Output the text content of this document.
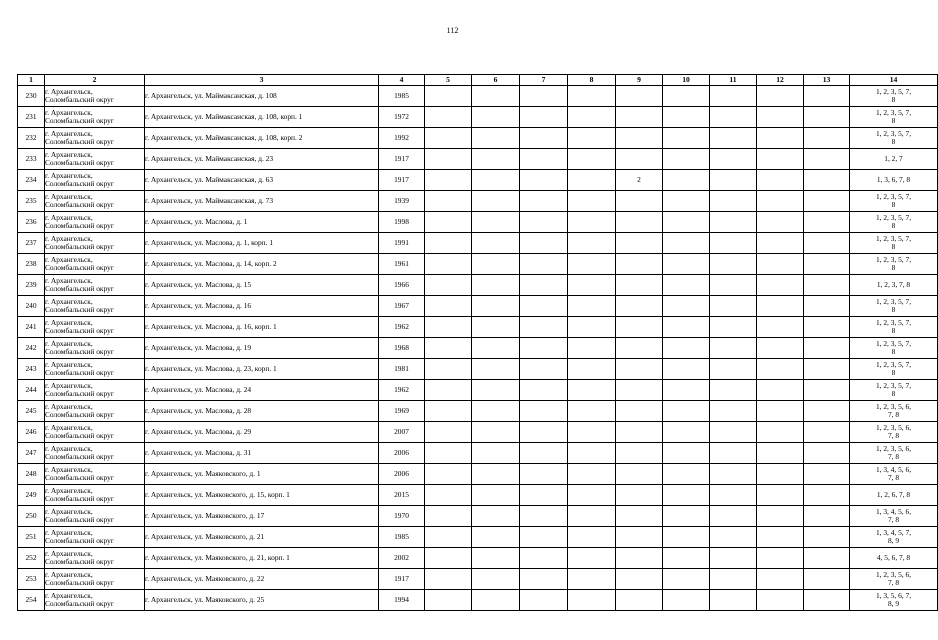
112
1	2	3	4	5	6	7	8	9	10	11	12	13	14
230	г. Архангельск,
Соломбальский округ	г. Архангельск, ул. Маймаксанская, д. 108	1985										1, 2, 3, 5, 7,
8

231	г. Архангельск,
Соломбальский округ	г. Архангельск, ул. Маймаксанская, д. 108, корп. 1	1972										1, 2, 3, 5, 7,
8

232	г. Архангельск,
Соломбальский округ	г. Архангельск, ул. Маймаксанская, д. 108, корп. 2	1992										1, 2, 3, 5, 7,
8

233	г. Архангельск,
Соломбальский округ	г. Архангельск, ул. Маймаксанская, д. 23	1917										1, 2, 7

234	г. Архангельск,
Соломбальский округ	г. Архангельск, ул. Маймаксанская, д. 63	1917					2					1, 3, 6, 7, 8

235	г. Архангельск,
Соломбальский округ	г. Архангельск, ул. Маймаксанская, д. 73	1939										1, 2, 3, 5, 7,
8

236	г. Архангельск,
Соломбальский округ	г. Архангельск, ул. Маслова, д. 1	1998										1, 2, 3, 5, 7,
8

237	г. Архангельск,
Соломбальский округ	г. Архангельск, ул. Маслова, д. 1, корп. 1	1991										1, 2, 3, 5, 7,
8

238	г. Архангельск,
Соломбальский округ	г. Архангельск, ул. Маслова, д. 14, корп. 2	1961										1, 2, 3, 5, 7,
8

239	г. Архангельск,
Соломбальский округ	г. Архангельск, ул. Маслова, д. 15	1966										1, 2, 3, 7, 8

240	г. Архангельск,
Соломбальский округ	г. Архангельск, ул. Маслова, д. 16	1967										1, 2, 3, 5, 7,
8

241	г. Архангельск,
Соломбальский округ	г. Архангельск, ул. Маслова, д. 16, корп. 1	1962										1, 2, 3, 5, 7,
8

242	г. Архангельск,
Соломбальский округ	г. Архангельск, ул. Маслова, д. 19	1968										1, 2, 3, 5, 7,
8

243	г. Архангельск,
Соломбальский округ	г. Архангельск, ул. Маслова, д. 23, корп. 1	1981										1, 2, 3, 5, 7,
8

244	г. Архангельск,
Соломбальский округ	г. Архангельск, ул. Маслова, д. 24	1962										1, 2, 3, 5, 7,
8

245	г. Архангельск,
Соломбальский округ	г. Архангельск, ул. Маслова, д. 28	1969										1, 2, 3, 5, 6,
7, 8

246	г. Архангельск,
Соломбальский округ	г. Архангельск, ул. Маслова, д. 29	2007										1, 2, 3, 5, 6,
7, 8

247	г. Архангельск,
Соломбальский округ	г. Архангельск, ул. Маслова, д. 31	2006										1, 2, 3, 5, 6,
7, 8

248	г. Архангельск,
Соломбальский округ	г. Архангельск, ул. Маяковского, д. 1	2006										1, 3, 4, 5, 6,
7, 8

249	г. Архангельск,
Соломбальский округ	г. Архангельск, ул. Маяковского, д. 15, корп. 1	2015										1, 2, 6, 7, 8

250	г. Архангельск,
Соломбальский округ	г. Архангельск, ул. Маяковского, д. 17	1970										1, 3, 4, 5, 6,
7, 8

251	г. Архангельск,
Соломбальский округ	г. Архангельск, ул. Маяковского, д. 21	1985										1, 3, 4, 5, 7,
8, 9

252	г. Архангельск,
Соломбальский округ	г. Архангельск, ул. Маяковского, д. 21, корп. 1	2002										4, 5, 6, 7, 8

253	г. Архангельск,
Соломбальский округ	г. Архангельск, ул. Маяковского, д. 22	1917										1, 2, 3, 5, 6,
7, 8

254	г. Архангельск,
Соломбальский округ	г. Архангельск, ул. Маяковского, д. 25	1994										1, 3, 5, 6, 7,
8, 9
